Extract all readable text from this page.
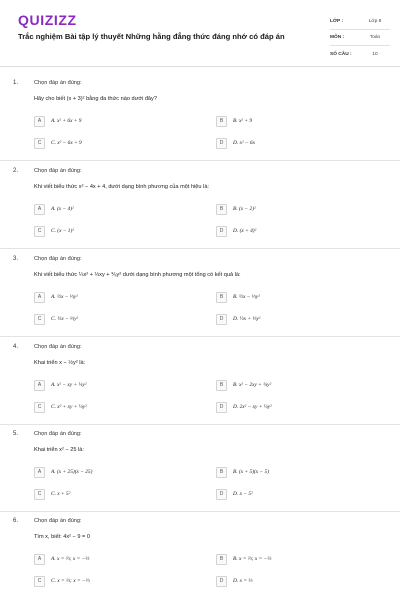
QUIZIZZ
Trắc nghiệm Bài tập lý thuyết Những hằng đẳng thức đáng nhớ có đáp án
LỚP :	Lớp 8
MÔN :	Toán
SỐ CÂU :	10
1.	Chọn đáp án đúng:
Hãy cho biết (x + 3)² bằng đa thức nào dưới đây?
A	A. x² + 6x + 9	B	B. x² + 9
C	C. x² − 6x + 9	D	D. x² − 6x
2.	Chọn đáp án đúng:
Khi viết biểu thức x² − 4x + 4, dưới dạng bình phương của một hiệu là:
A	A. (x − 4)²	B	B. (x − 2)²
C	C. (x − 1)²	D	D. (x + 4)²
3.	Chọn đáp án đúng:
Khi viết biểu thức ¼x² + ⅓xy + ⅑y² dưới dạng bình phương một tổng có kết quả là:
A	A. ½x − ⅓y²	B	B. ½x − ⅓y²
C	C. ½x − ⅓y²	D	D. ½x + ⅓y²
4.	Chọn đáp án đúng:
Khai triển x − ½y² là:
A	A. x² − xy + ¼y²	B	B. x² − 2xy + ¼y²
C	C. x² + xy + ¼y²	D	D. 2x² − xy + ¼y²
5.	Chọn đáp án đúng:
Khai triển x² − 25 là:
A	A. (x + 25)(x − 25)	B	B. (x + 5)(x − 5)
C	C. x + 5²	D	D. x − 5²
6.	Chọn đáp án đúng:
Tìm x, biết: 4x² − 9 = 0
A	A. x = ⅔; x = −⅔	B	B. x = ⅔; x = −⅔
C	C. x = ⅔; x = −⅔	D	D. x = ⅔
